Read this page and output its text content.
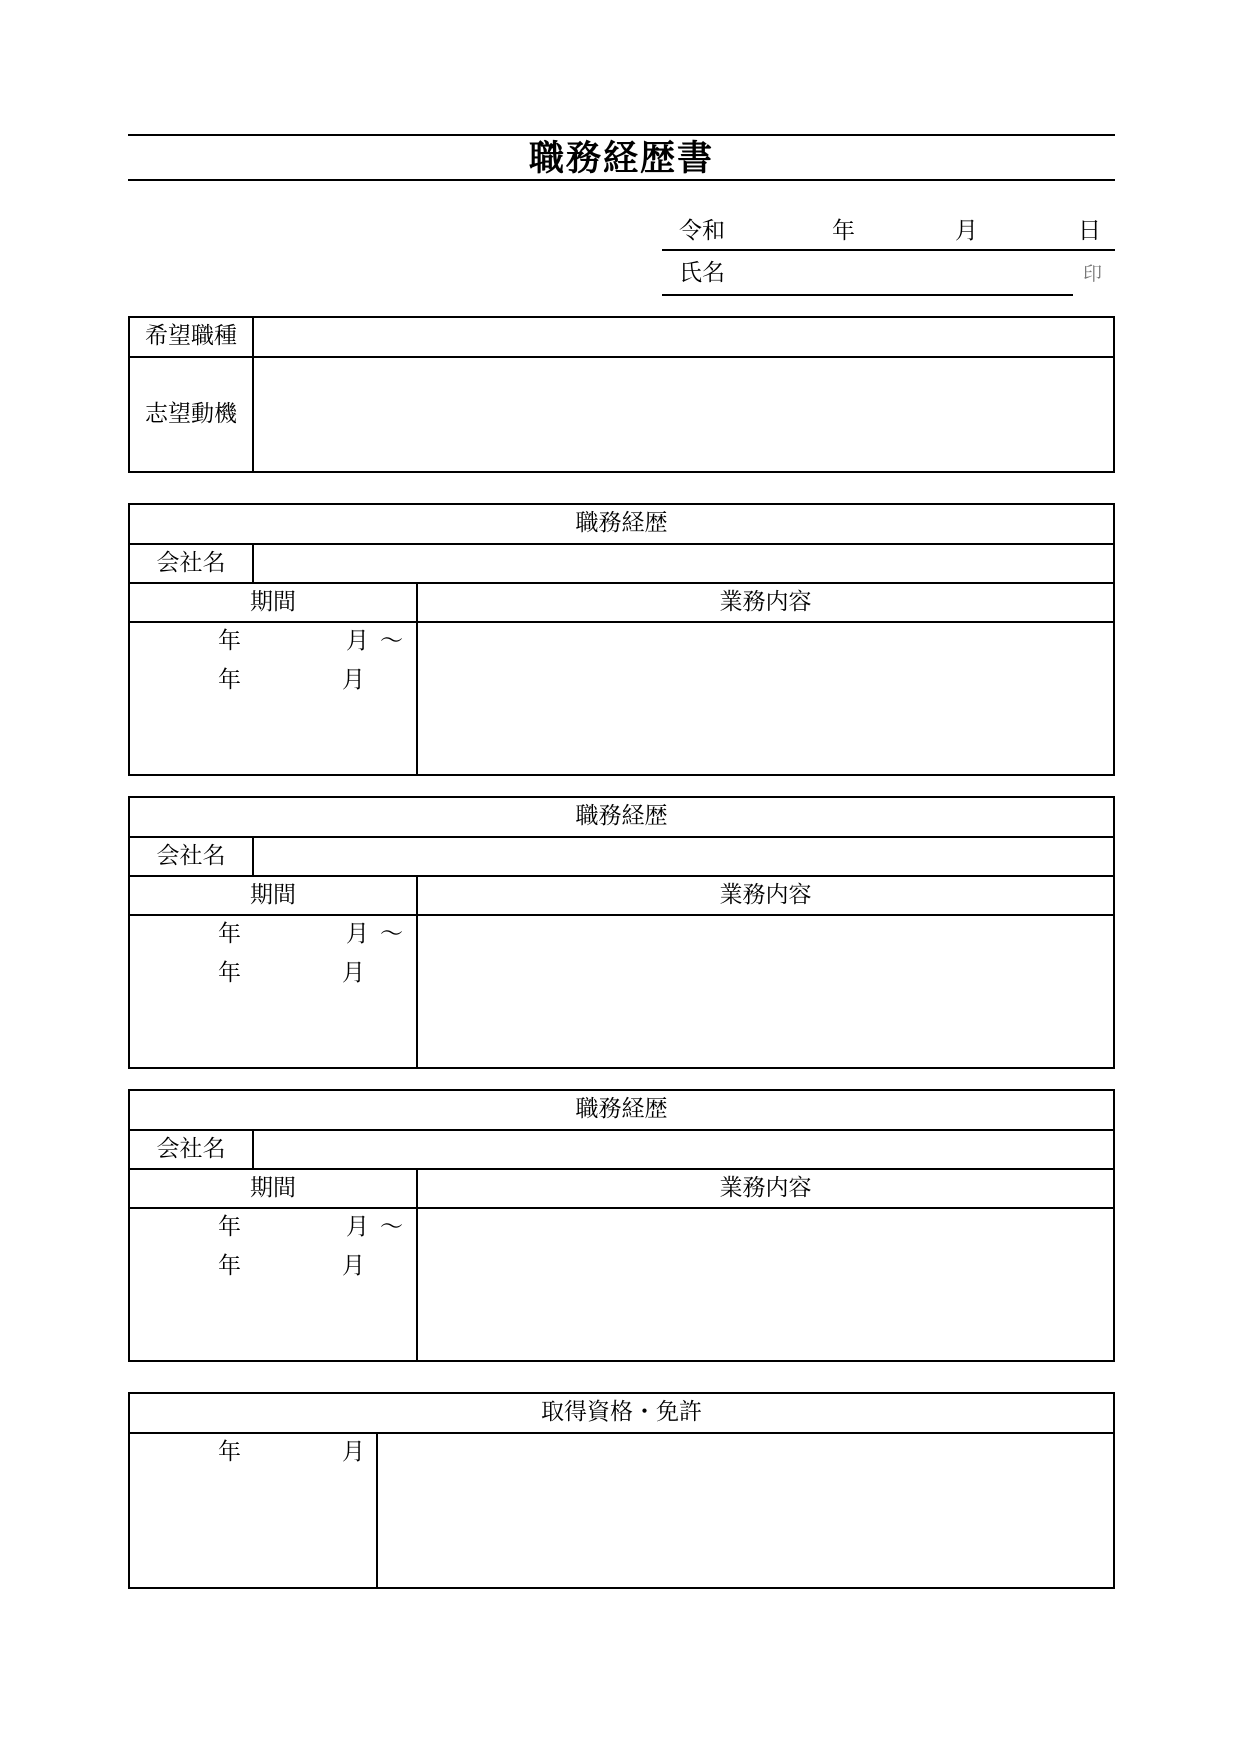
職務経歴書
令和	年	月	日
氏名	印
希望職種
志望動機
職務経歴
会社名
期間	業務内容
年	月 〜
年	月
職務経歴
会社名
期間	業務内容
年	月 〜
年	月
職務経歴
会社名
期間	業務内容
年	月 〜
年	月
取得資格・免許
年	月
